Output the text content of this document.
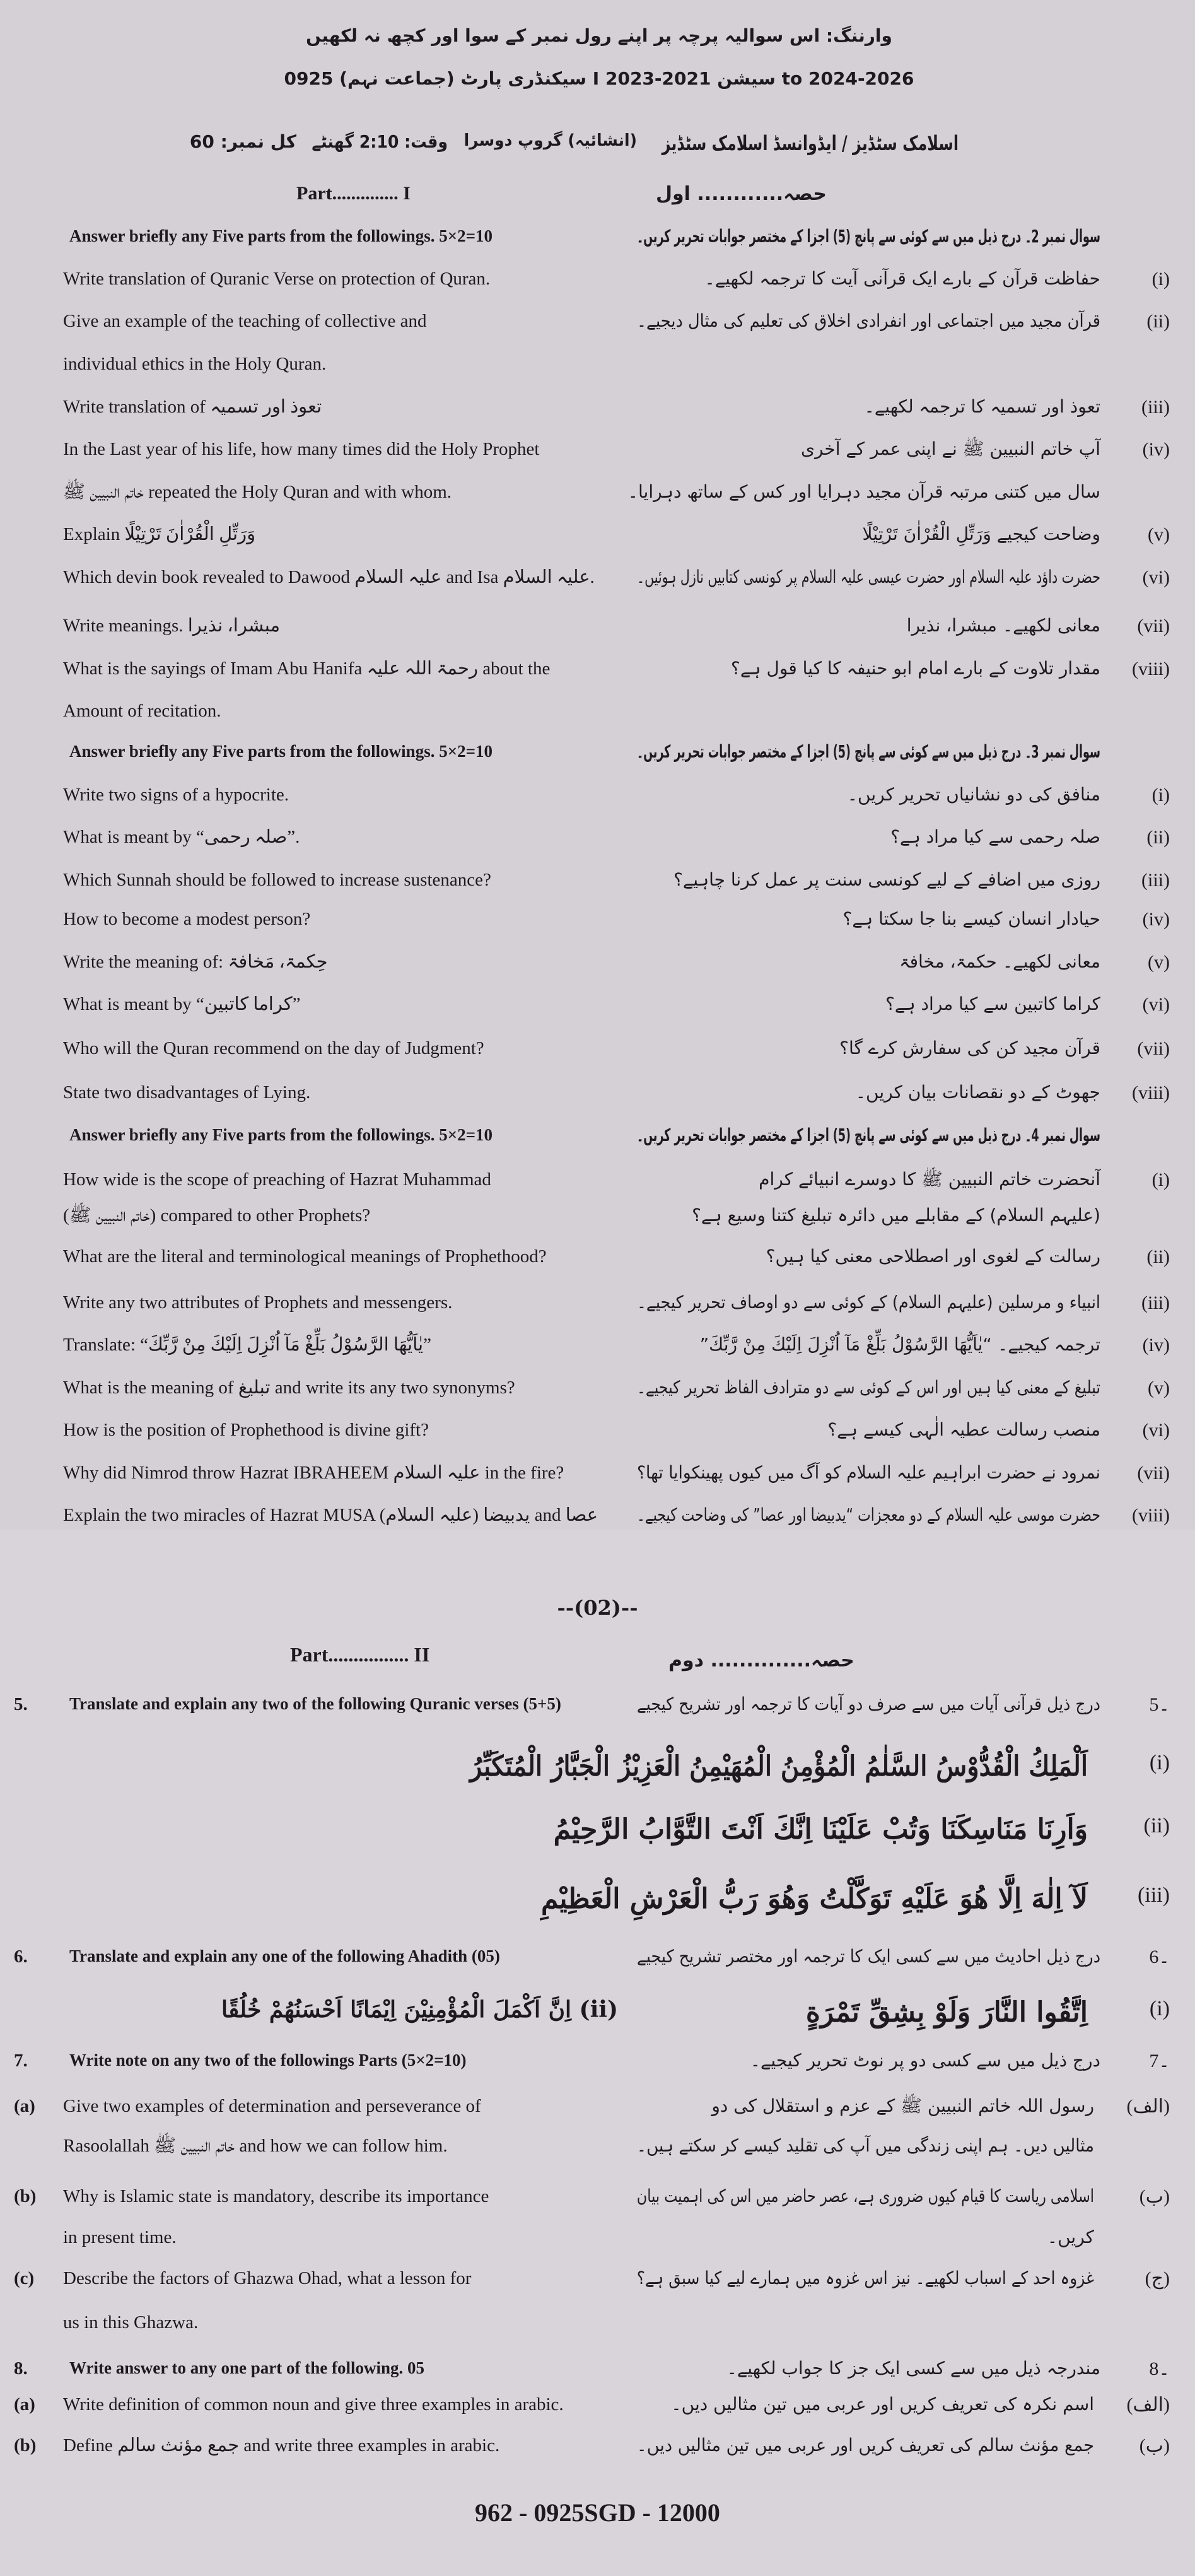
وارننگ: اس سوالیہ پرچہ پر اپنے رول نمبر کے سوا اور کچھ نہ لکھیں
0925 (جماعت نہم) سیکنڈری پارٹ I سیشن 2021-2023 to 2024-2026
اسلامک سٹڈیز / ایڈوانسڈ اسلامک سٹڈیز
(انشائیہ) گروپ دوسرا
وقت: 2:10 گھنٹے
کل نمبر: 60
Part.............. I	حصہ............ اول
--(02)--
Part................ II	حصہ.............. دوم
Answer briefly any Five parts from the followings. 5×2=10	سوال نمبر 2۔ درج ذیل میں سے کوئی سے پانچ (5) اجزا کے مختصر جوابات تحریر کریں۔
Write translation of Quranic Verse on protection of Quran.	حفاظت قرآن کے بارے ایک قرآنی آیت کا ترجمہ لکھیے۔	(i)
Give an example of the teaching of collective and	قرآن مجید میں اجتماعی اور انفرادی اخلاق کی تعلیم کی مثال دیجیے۔ (ii)
individual ethics in the Holy Quran.
Write translation of تعوذ اور تسمیہ	تعوذ اور تسمیہ کا ترجمہ لکھیے۔ (iii)
In the Last year of his life, how many times did the Holy Prophet	آپ خاتم النبیین ﷺ نے اپنی عمر کے آخری (iv)
خاتم النبیین ﷺ repeated the Holy Quran and with whom.	سال میں کتنی مرتبہ قرآن مجید دہرایا اور کس کے ساتھ دہرایا۔
Explain وَرَتِّلِ الْقُرْاٰنَ تَرْتِیْلًا	وضاحت کیجیے وَرَتِّلِ الْقُرْاٰنَ تَرْتِیْلًا	(v)
Which devin book revealed to Dawood علیہ السلام and Isa علیہ السلام.	حضرت داؤد علیہ السلام اور حضرت عیسی علیہ السلام پر کونسی کتابیں نازل ہوئیں۔ (vi)
Write meanings. مبشرا، نذیرا	معانی لکھیے۔ مبشرا، نذیرا (vii)
What is the sayings of Imam Abu Hanifa رحمۃ اللہ علیہ about the	مقدار تلاوت کے بارے امام ابو حنیفہ کا کیا قول ہے؟ (viii)
Amount of recitation.
Answer briefly any Five parts from the followings. 5×2=10	سوال نمبر 3۔ درج ذیل میں سے کوئی سے پانچ (5) اجزا کے مختصر جوابات تحریر کریں۔
Write two signs of a hypocrite.	منافق کی دو نشانیاں تحریر کریں۔	(i)
What is meant by “صلہ رحمی”.	صلہ رحمی سے کیا مراد ہے؟ (ii)
Which Sunnah should be followed to increase sustenance?	روزی میں اضافے کے لیے کونسی سنت پر عمل کرنا چاہیے؟ (iii)
How to become a modest person?	حیادار انسان کیسے بنا جا سکتا ہے؟ (iv)
Write the meaning of: حِکمۃ، مَخافۃ	معانی لکھیے۔ حکمۃ، مخافۃ	(v)
What is meant by “کراما کاتبین”	کراما کاتبین سے کیا مراد ہے؟ (vi)
Who will the Quran recommend on the day of Judgment?	قرآن مجید کن کی سفارش کرے گا؟ (vii)
State two disadvantages of Lying.	جھوٹ کے دو نقصانات بیان کریں۔ (viii)
Answer briefly any Five parts from the followings. 5×2=10	سوال نمبر 4۔ درج ذیل میں سے کوئی سے پانچ (5) اجزا کے مختصر جوابات تحریر کریں۔
How wide is the scope of preaching of Hazrat Muhammad	آنحضرت خاتم النبیین ﷺ کا دوسرے انبیائے کرام	(i)
(خاتم النبیین ﷺ) compared to other Prophets?	(علیہم السلام) کے مقابلے میں دائرہ تبلیغ کتنا وسیع ہے؟
What are the literal and terminological meanings of Prophethood?	رسالت کے لغوی اور اصطلاحی معنی کیا ہیں؟ (ii)
Write any two attributes of Prophets and messengers.	انبیاء و مرسلین (علیہم السلام) کے کوئی سے دو اوصاف تحریر کیجیے۔ (iii)
Translate: “یٰاَیُّهَا الرَّسُوْلُ بَلِّغْ مَآ اُنْزِلَ اِلَیْكَ مِنْ رَّبِّكَ”	ترجمہ کیجیے۔ “یٰاَیُّهَا الرَّسُوْلُ بَلِّغْ مَآ اُنْزِلَ اِلَیْكَ مِنْ رَّبِّكَ” (iv)
What is the meaning of تبلیغ and write its any two synonyms?	تبلیغ کے معنی کیا ہیں اور اس کے کوئی سے دو مترادف الفاظ تحریر کیجیے۔	(v)
How is the position of Prophethood is divine gift?	منصب رسالت عطیہ الٰہی کیسے ہے؟ (vi)
Why did Nimrod throw Hazrat IBRAHEEM علیہ السلام in the fire?	نمرود نے حضرت ابراہیم علیہ السلام کو آگ میں کیوں پھینکوایا تھا؟ (vii)
Explain the two miracles of Hazrat MUSA (علیہ السلام) یدبیضا and عصا	حضرت موسی علیہ السلام کے دو معجزات “یدبیضا اور عصا” کی وضاحت کیجیے۔ (viii)
5. Translate and explain any two of the following Quranic verses (5+5)	درج ذیل قرآنی آیات میں سے صرف دو آیات کا ترجمہ اور تشریح کیجیے	۔5
اَلْمَلِكُ الْقُدُّوْسُ السَّلٰمُ الْمُؤْمِنُ الْمُهَيْمِنُ الْعَزِيْزُ الْجَبَّارُ الْمُتَكَبِّرُ	(i)
وَاَرِنَا مَنَاسِكَنَا وَتُبْ عَلَيْنَا اِنَّكَ اَنْتَ التَّوَّابُ الرَّحِيْمُ	(ii)
لَآ اِلٰهَ اِلَّا هُوَ عَلَيْهِ تَوَكَّلْتُ وَهُوَ رَبُّ الْعَرْشِ الْعَظِيْمِ (iii)
6. Translate and explain any one of the following Ahadith (05)	درج ذیل احادیث میں سے کسی ایک کا ترجمہ اور مختصر تشریح کیجیے	۔6
(ii) اِنَّ اَكْمَلَ الْمُؤْمِنِيْنَ اِيْمَانًا اَحْسَنُهُمْ خُلُقًا	اِتَّقُوا النَّارَ وَلَوْ بِشِقِّ تَمْرَةٍ	(i)
7. Write note on any two of the followings Parts (5×2=10)	درج ذیل میں سے کسی دو پر نوٹ تحریر کیجیے۔	۔7
(a) Give two examples of determination and perseverance of	رسول اللہ خاتم النبیین ﷺ کے عزم و استقلال کی دو (الف)
Rasoolallah خاتم النبیین ﷺ and how we can follow him.	مثالیں دیں۔ ہم اپنی زندگی میں آپ کی تقلید کیسے کر سکتے ہیں۔
(b) Why is Islamic state is mandatory, describe its importance	اسلامی ریاست کا قیام کیوں ضروری ہے، عصر حاضر میں اس کی اہمیت بیان (ب)
in present time.	کریں۔
(c) Describe the factors of Ghazwa Ohad, what a lesson for	غزوہ احد کے اسباب لکھیے۔ نیز اس غزوہ میں ہمارے لیے کیا سبق ہے؟	(ج)
us in this Ghazwa.
8. Write answer to any one part of the following. 05	مندرجہ ذیل میں سے کسی ایک جز کا جواب لکھیے۔	۔8
(a) Write definition of common noun and give three examples in arabic.	اسم نکرہ کی تعریف کریں اور عربی میں تین مثالیں دیں۔ (الف)
(b) Define جمع مؤنث سالم and write three examples in arabic.	جمع مؤنث سالم کی تعریف کریں اور عربی میں تین مثالیں دیں۔ (ب)
962 - 0925SGD - 12000
